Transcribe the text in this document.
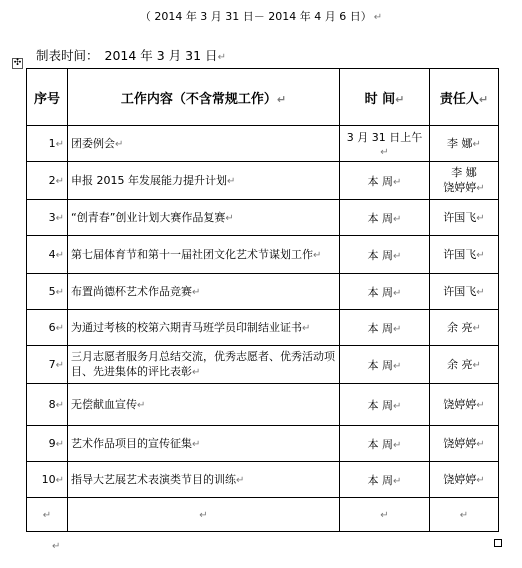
（ 2014 年 3 月 31 日－ 2014 年 4 月 6 日） ↵
制表时间： 2014 年 3 月 31 日↵
✣
序号	工作内容（不含常规工作）↵	时 间↵	责任人↵
1↵	团委例会↵	3 月 31 日上午↵	李 娜↵
2↵	申报 2015 年发展能力提升计划↵	本 周↵	李 娜
饶婷婷↵
3↵	“创青春”创业计划大赛作品复赛↵	本 周↵	许国飞↵
4↵	第七届体育节和第十一届社团文化艺术节谋划工作↵	本 周↵	许国飞↵
5↵	布置尚德杯艺术作品竞赛↵	本 周↵	许国飞↵
6↵	为通过考核的校第六期青马班学员印制结业证书↵	本 周↵	余 亮↵
7↵	三月志愿者服务月总结交流，优秀志愿者、优秀活动项目、先进集体的评比表彰↵	本 周↵	余 亮↵
8↵	无偿献血宣传↵	本 周↵	饶婷婷↵
9↵	艺术作品项目的宣传征集↵	本 周↵	饶婷婷↵
10↵	指导大艺展艺术表演类节目的训练↵	本 周↵	饶婷婷↵
↵	↵	↵	↵
↵
